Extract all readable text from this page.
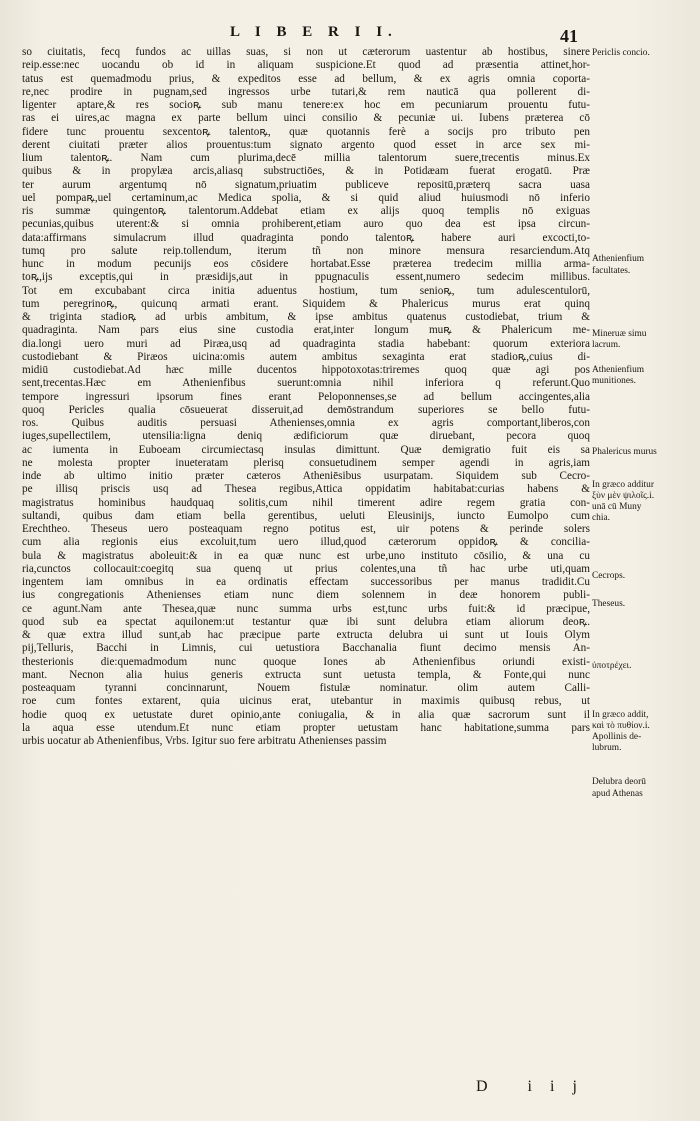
L I B E R I I.	41
so ciuitatis, fecq fundos ac uillas suas, si non ut cæterorum uastentur ab hostibus, sinere
reip.esse:nec uocandu ob id in aliquam suspicione.Et quod ad præsentia attinet,hor-
tatus est quemadmodu prius, & expeditos esse ad bellum, & ex agris omnia coporta-
re,nec prodire in pugnam,sed ingressos urbe tutari,& rem nauticā qua pollerent di-
ligenter aptare,& res socioꝶ sub manu tenere:ex hoc em pecuniarum prouentu futu-
ras ei uires,ac magna ex parte bellum uinci consilio & pecuniæ ui. Iubens præterea cō
fidere tunc prouentu sexcentoꝶ talentoꝶ, quæ quotannis ferè a socijs pro tributo pen
derent ciuitati præter alios prouentus:tum signato argento quod esset in arce sex mi-
lium talentoꝶ. Nam cum plurima,decē millia talentorum suere,trecentis minus.Ex
quibus & in propylæa arcis,aliasq substructiōes, & in Potidæam fuerat erogatū. Præ
ter aurum argentumq nō signatum,priuatim publiceve repositū,præterq sacra uasa
uel pompaꝶ,uel certaminum,ac Medica spolia, & si quid aliud huiusmodi nō inferio
ris summæ quingentoꝶ talentorum.Addebat etiam ex alijs quoq templis nō exiguas
pecunias,quibus uterent:& si omnia prohiberent,etiam auro quo dea est ipsa circun-
data:affirmans simulacrum illud quadraginta pondo talentoꝶ habere auri excocti,to-
tumq pro salute reip.tollendum, iterum tñ non minore mensura resarciendum.Atq
hunc in modum pecunijs eos cōsidere hortabat.Esse præterea tredecim millia arma-
toꝶ,ijs exceptis,qui in præsidijs,aut in ppugnaculis essent,numero sedecim millibus.
Tot em excubabant circa initia aduentus hostium, tum senioꝶ, tum adulescentulorū,
tum peregrinoꝶ, quicunq armati erant. Siquidem & Phalericus murus erat quinq
& triginta stadioꝶ ad urbis ambitum, & ipse ambitus quatenus custodiebat, trium &
quadraginta. Nam pars eius sine custodia erat,inter longum muꝶ & Phalericum me-
dia.longi uero muri ad Piræa,usq ad quadraginta stadia habebant: quorum exteriora
custodiebant & Piræos uicina:omis autem ambitus sexaginta erat stadioꝶ,cuius di-
midiū custodiebat.Ad hæc mille ducentos hippotoxotas:triremes quoq quæ agi pos
sent,trecentas.Hæc em Athenienfibus suerunt:omnia nihil inferiora q referunt.Quo
tempore ingressuri ipsorum fines erant Peloponnenses,se ad bellum accingentes,alia
quoq Pericles qualia cōsueuerat disseruit,ad demōstrandum superiores se bello futu-
ros. Quibus auditis persuasi Athenienses,omnia ex agris comportant,liberos,con
iuges,supellectilem, utensilia:ligna deniq ædificiorum quæ diruebant, pecora quoq
ac iumenta in Euboeam circumiectasq insulas dimittunt. Quæ demigratio fuit eis sa
ne molesta propter inueteratam plerisq consuetudinem semper agendi in agris,iam
inde ab ultimo initio præter cæteros Atheniēsibus usurpatam. Siquidem sub Cecro-
pe illisq priscis usq ad Thesea regibus,Attica oppidatim habitabat:curias habens &
magistratus hominibus haudquaq solitis,cum nihil timerent adire regem gratia con-
sultandi, quibus dam etiam bella gerentibus, ueluti Eleusinijs, iuncto Eumolpo cum
Erechtheo. Theseus uero posteaquam regno potitus est, uir potens & perinde solers
cum alia regionis eius excoluit,tum uero illud,quod cæterorum oppidoꝶ & concilia-
bula & magistratus aboleuit:& in ea quæ nunc est urbe,uno instituto cōsilio, & una cu
ria,cunctos collocauit:coegitq sua quenq ut prius colentes,una tñ hac urbe uti,quam
ingentem iam omnibus in ea ordinatis effectam successoribus per manus tradidit.Cu
ius congregationis Athenienses etiam nunc diem solennem in deæ honorem publi-
ce agunt.Nam ante Thesea,quæ nunc summa urbs est,tunc urbs fuit:& id præcipue,
quod sub ea spectat aquilonem:ut testantur quæ ibi sunt delubra etiam aliorum deoꝶ.
& quæ extra illud sunt,ab hac præcipue parte extructa delubra ui sunt ut Iouis Olym
pij,Telluris, Bacchi in Limnis, cui uetustiora Bacchanalia fiunt decimo mensis An-
thesterionis die:quemadmodum nunc quoque Iones ab Athenienfibus oriundi existi-
mant. Necnon alia huius generis extructa sunt uetusta templa, & Fonte,qui nunc
posteaquam tyranni concinnarunt, Nouem fistulæ nominatur. olim autem Calli-
roe cum fontes extarent, quia uicinus erat, utebantur in maximis quibusq rebus, ut
hodie quoq ex uetustate duret opinio,ante coniugalia, & in alia quæ sacrorum sunt il
la aqua esse utendum.Et nunc etiam propter uetustam hanc habitatione,summa pars
urbis uocatur ab Athenienfibus, Vrbs. Igitur suo fere arbitratu Athenienses passim
Periclis concio.
Athenienfium
facultates.
Mineruæ simu
lacrum.
Athenienfium
munitiones.
Phalericus murus
In græco additur
ξὺν μὲν ψιλοῖς.i.
unā cū Muny
chia.
Cecrops.
Theseus.
ὑποτρέχει.
In græco addit,
καὶ τὸ πυθίον.i.
Apollinis de-
lubrum.
Delubra deorū
apud Athenas
D iij
